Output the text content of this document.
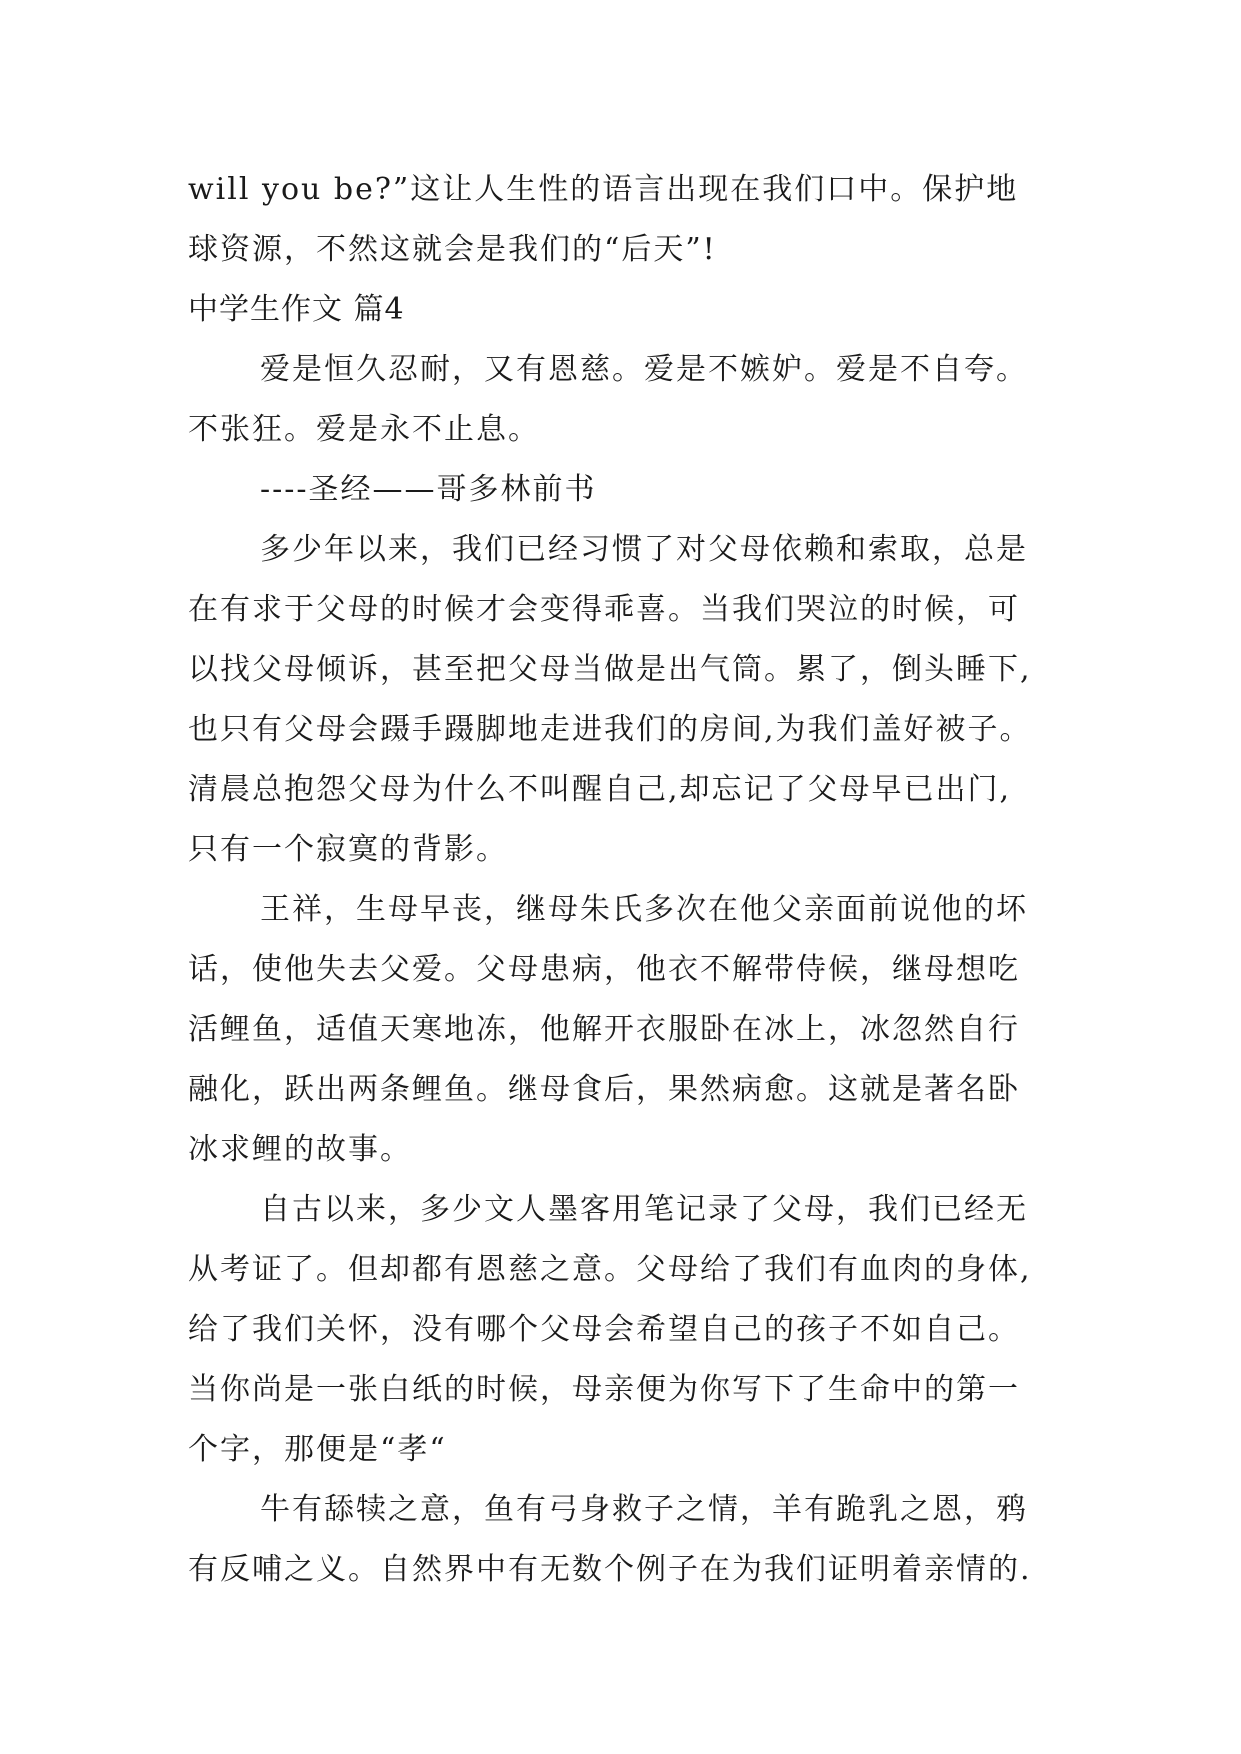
will you be?”这让人生性的语言出现在我们口中。保护地
球资源，不然这就会是我们的“后天”!
中学生作文 篇4
爱是恒久忍耐，又有恩慈。爱是不嫉妒。爱是不自夸。
不张狂。爱是永不止息。
----圣经——哥多林前书
多少年以来，我们已经习惯了对父母依赖和索取，总是
在有求于父母的时候才会变得乖喜。当我们哭泣的时候，可
以找父母倾诉，甚至把父母当做是出气筒。累了，倒头睡下,
也只有父母会蹑手蹑脚地走进我们的房间,为我们盖好被子。
清晨总抱怨父母为什么不叫醒自己,却忘记了父母早已出门,
只有一个寂寞的背影。
王祥，生母早丧，继母朱氏多次在他父亲面前说他的坏
话，使他失去父爱。父母患病，他衣不解带侍候，继母想吃
活鲤鱼，适值天寒地冻，他解开衣服卧在冰上，冰忽然自行
融化，跃出两条鲤鱼。继母食后，果然病愈。这就是著名卧
冰求鲤的故事。
自古以来，多少文人墨客用笔记录了父母，我们已经无
从考证了。但却都有恩慈之意。父母给了我们有血肉的身体,
给了我们关怀，没有哪个父母会希望自己的孩子不如自己。
当你尚是一张白纸的时候，母亲便为你写下了生命中的第一
个字，那便是“孝“
牛有舔犊之意，鱼有弓身救子之情，羊有跪乳之恩，鸦
有反哺之义。自然界中有无数个例子在为我们证明着亲情的.
